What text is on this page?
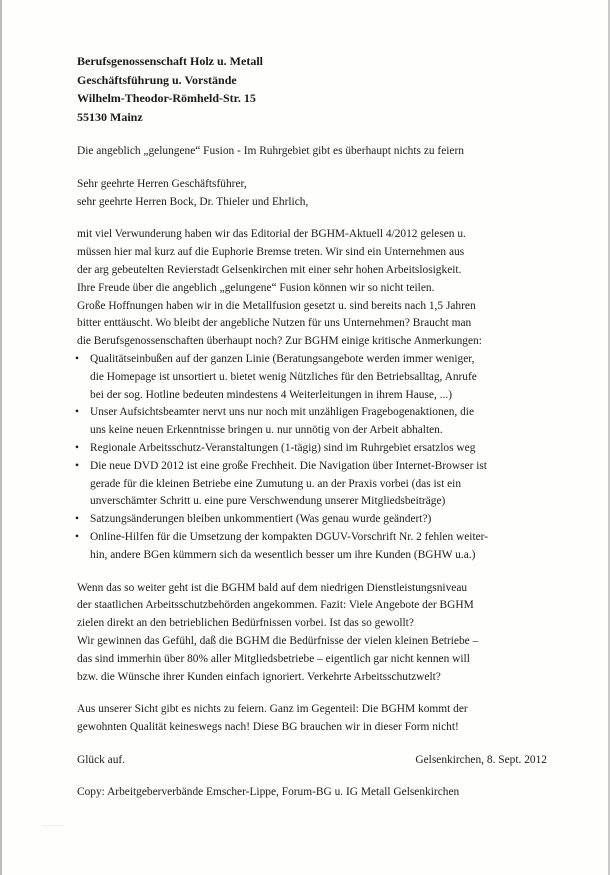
Berufsgenossenschaft Holz u. Metall
Geschäftsführung u. Vorstände
Wilhelm-Theodor-Römheld-Str. 15
55130 Mainz
Die angeblich „gelungene“ Fusion - Im Ruhrgebiet gibt es überhaupt nichts zu feiern
Sehr geehrte Herren Geschäftsführer,
sehr geehrte Herren Bock, Dr. Thieler und Ehrlich,
mit viel Verwunderung haben wir das Editorial der BGHM-Aktuell 4/2012 gelesen u.
müssen hier mal kurz auf die Euphorie Bremse treten. Wir sind ein Unternehmen aus
der arg gebeutelten Revierstadt Gelsenkirchen mit einer sehr hohen Arbeitslosigkeit.
Ihre Freude über die angeblich „gelungene“ Fusion können wir so nicht teilen.
Große Hoffnungen haben wir in die Metallfusion gesetzt u. sind bereits nach 1,5 Jahren
bitter enttäuscht. Wo bleibt der angebliche Nutzen für uns Unternehmen? Braucht man
die Berufsgenossenschaften überhaupt noch? Zur BGHM einige kritische Anmerkungen:
• Qualitätseinbußen auf der ganzen Linie (Beratungsangebote werden immer weniger,
die Homepage ist unsortiert u. bietet wenig Nützliches für den Betriebsalltag, Anrufe
bei der sog. Hotline bedeuten mindestens 4 Weiterleitungen in ihrem Hause, ...)
• Unser Aufsichtsbeamter nervt uns nur noch mit unzähligen Fragebogenaktionen, die
uns keine neuen Erkenntnisse bringen u. nur unnötig von der Arbeit abhalten.
• Regionale Arbeitsschutz-Veranstaltungen (1-tägig) sind im Ruhrgebiet ersatzlos weg
• Die neue DVD 2012 ist eine große Frechheit. Die Navigation über Internet-Browser ist
gerade für die kleinen Betriebe eine Zumutung u. an der Praxis vorbei (das ist ein
unverschämter Schritt u. eine pure Verschwendung unserer Mitgliedsbeiträge)
• Satzungsänderungen bleiben unkommentiert (Was genau wurde geändert?)
• Online-Hilfen für die Umsetzung der kompakten DGUV-Vorschrift Nr. 2 fehlen weiter-
hin, andere BGen kümmern sich da wesentlich besser um ihre Kunden (BGHW u.a.)
Wenn das so weiter geht ist die BGHM bald auf dem niedrigen Dienstleistungsniveau
der staatlichen Arbeitsschutzbehörden angekommen. Fazit: Viele Angebote der BGHM
zielen direkt an den betrieblichen Bedürfnissen vorbei. Ist das so gewollt?
Wir gewinnen das Gefühl, daß die BGHM die Bedürfnisse der vielen kleinen Betriebe –
das sind immerhin über 80% aller Mitgliedsbetriebe – eigentlich gar nicht kennen will
bzw. die Wünsche ihrer Kunden einfach ignoriert. Verkehrte Arbeitsschutzwelt?
Aus unserer Sicht gibt es nichts zu feiern. Ganz im Gegenteil: Die BGHM kommt der
gewohnten Qualität keineswegs nach! Diese BG brauchen wir in dieser Form nicht!
Glück auf.	Gelsenkirchen, 8. Sept. 2012
Copy: Arbeitgeberverbände Emscher-Lippe, Forum-BG u. IG Metall Gelsenkirchen
